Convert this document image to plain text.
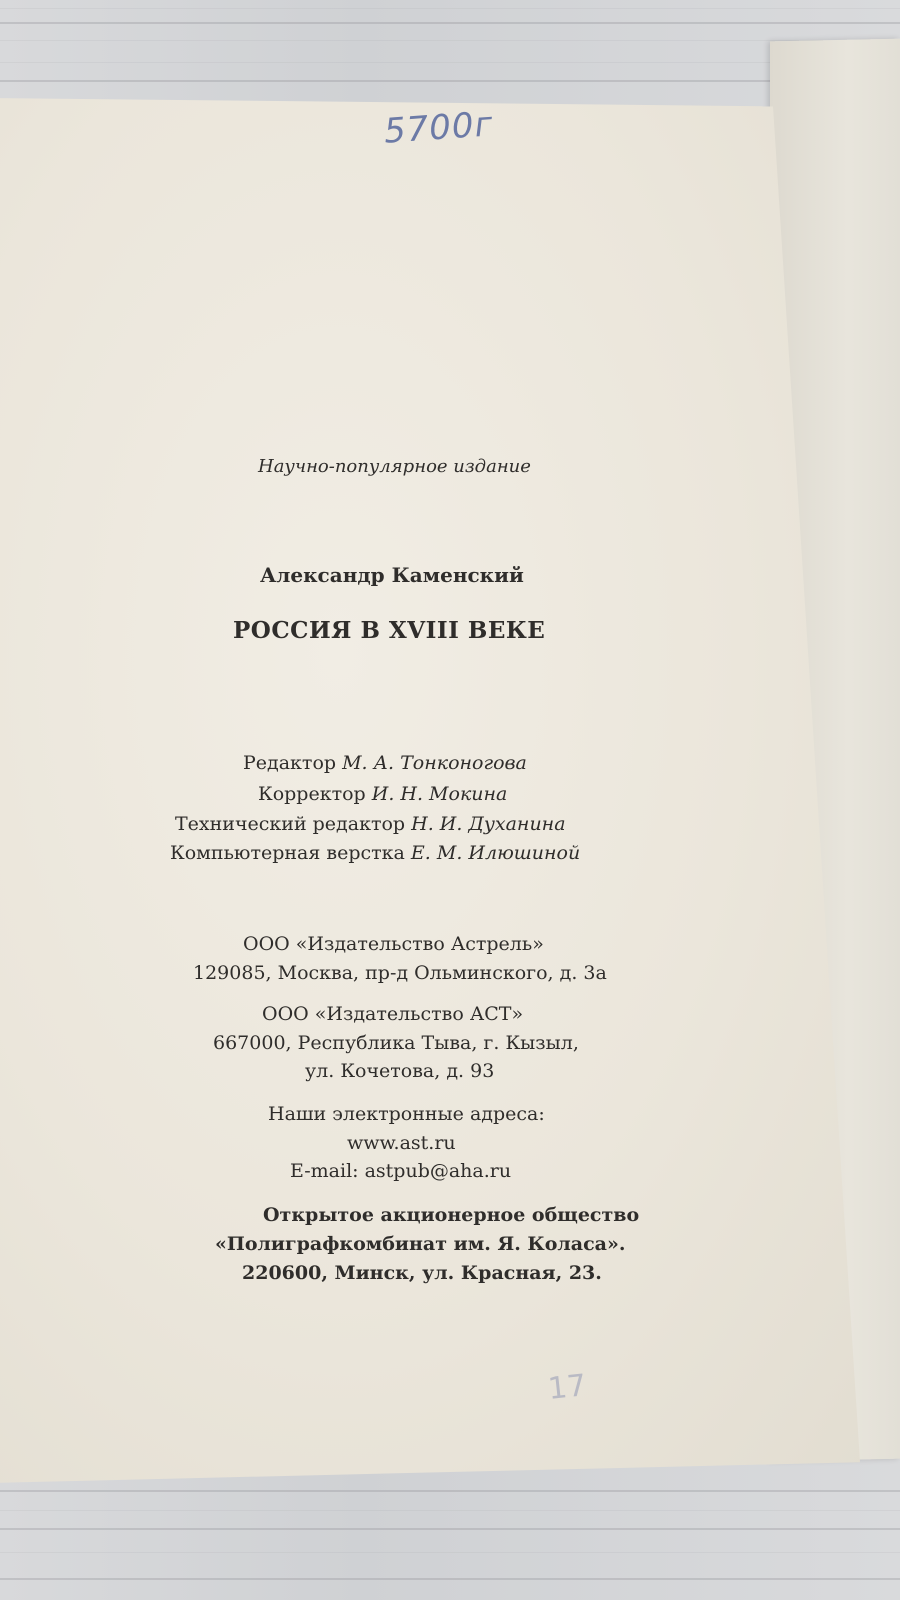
5700г
Научно-популярное издание
Александр Каменский
РОССИЯ В XVIII ВЕКЕ
Редактор М. А. Тонконогова
Корректор И. Н. Мокина
Технический редактор Н. И. Духанина
Компьютерная верстка Е. М. Илюшиной
ООО «Издательство Астрель»
129085, Москва, пр-д Ольминского, д. 3а
ООО «Издательство АСТ»
667000, Республика Тыва, г. Кызыл,
ул. Кочетова, д. 93
Наши электронные адреса:
www.ast.ru
E-mail: astpub@aha.ru
Открытое акционерное общество
«Полиграфкомбинат им. Я. Коласа».
220600, Минск, ул. Красная, 23.
17
